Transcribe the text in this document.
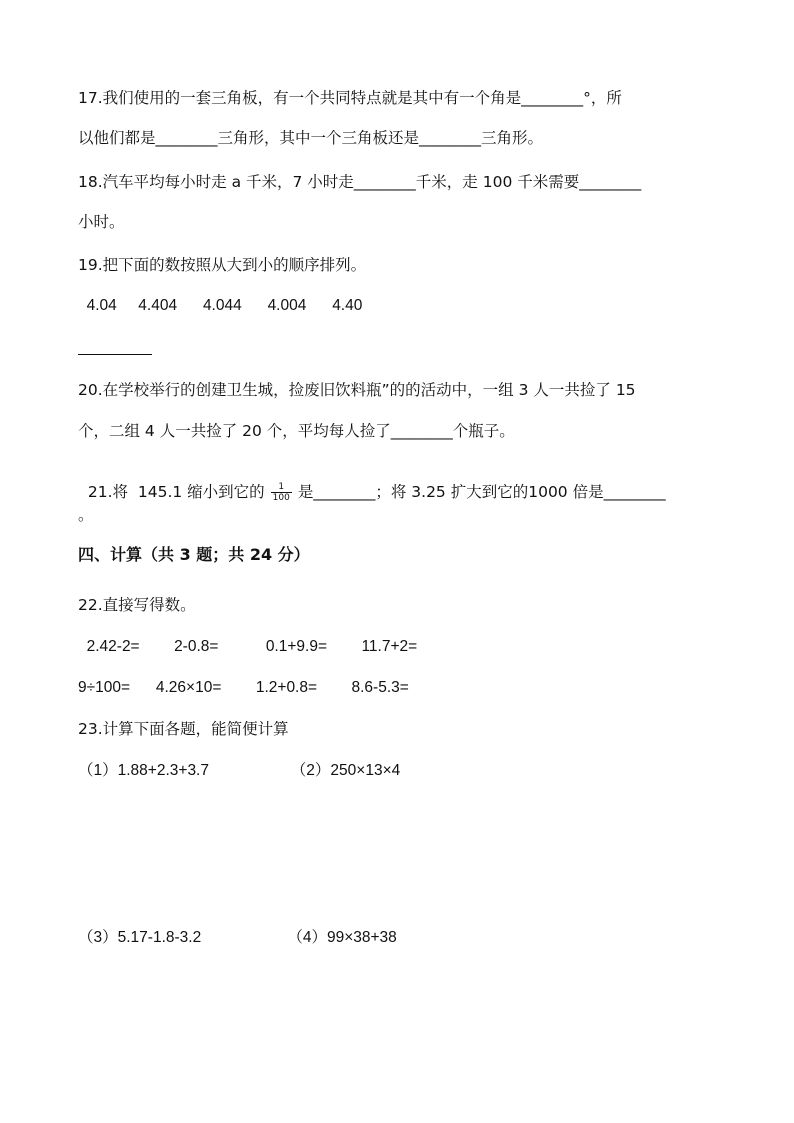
17.我们使用的一套三角板，有一个共同特点就是其中有一个角是________°，所
以他们都是________三角形，其中一个三角板还是________三角形。
18.汽车平均每小时走 a 千米，7 小时走________千米，走 100 千米需要________
小时。
19.把下面的数按照从大到小的顺序排列。
4.04     4.404      4.044      4.004      4.40
20.在学校举行的创建卫生城，捡废旧饮料瓶”的的活动中，一组 3 人一共捡了 15
个，二组 4 人一共捡了 20 个，平均每人捡了________个瓶子。

21.将  145.1 缩小到它的 $\frac{1}{100}$ 是________；将 3.25 扩大到它的1000 倍是________

。
四、计算（共 3 题；共 24 分）
22.直接写得数。
2.42-2=        2-0.8=           0.1+9.9=        11.7+2=
9÷100=      4.26×10=        1.2+0.8=        8.6-5.3=
23.计算下面各题，能简便计算
（1）1.88+2.3+3.7                   （2）250×13×4
（3）5.17-1.8-3.2                    （4）99×38+38
